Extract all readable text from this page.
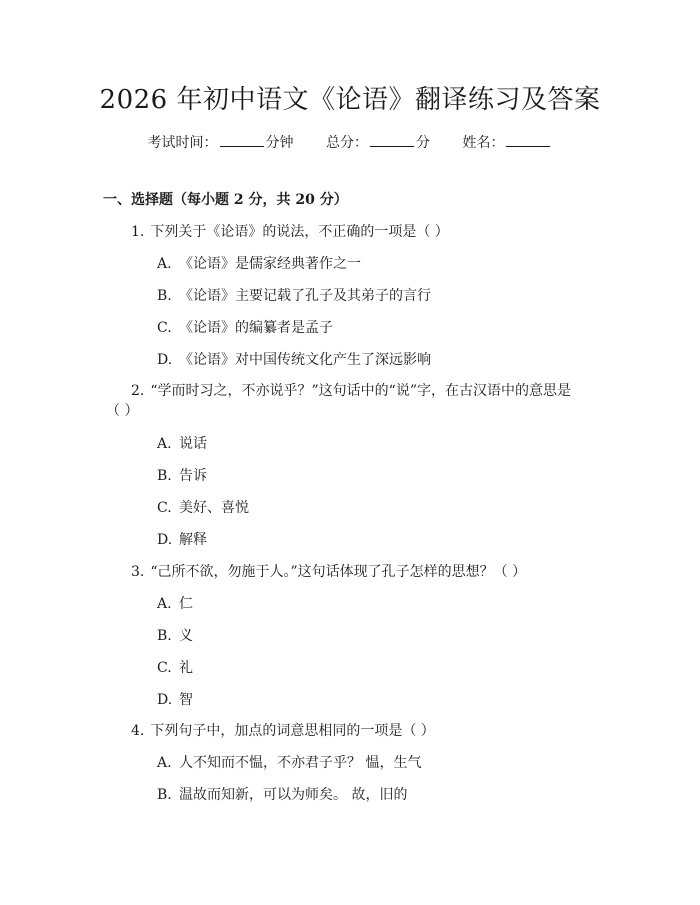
2026 年初中语文《论语》翻译练习及答案
考试时间：	分钟 总分：	分 姓名：
一、选择题（每小题 2 分，共 20 分）
1. 下列关于《论语》的说法，不正确的一项是（ ）
A. 《论语》是儒家经典著作之一
B. 《论语》主要记载了孔子及其弟子的言行
C. 《论语》的编纂者是孟子
D. 《论语》对中国传统文化产生了深远影响
2. “学而时习之，不亦说乎？”这句话中的“说”字，在古汉语中的意思是
（ ）
A. 说话
B. 告诉
C. 美好、喜悦
D. 解释
3. “己所不欲，勿施于人。”这句话体现了孔子怎样的思想？（ ）
A. 仁
B. 义
C. 礼
D. 智
4. 下列句子中，加点的词意思相同的一项是（ ）
A. 人不知而不愠，不亦君子乎？ 愠，生气
B. 温故而知新，可以为师矣。 故，旧的
